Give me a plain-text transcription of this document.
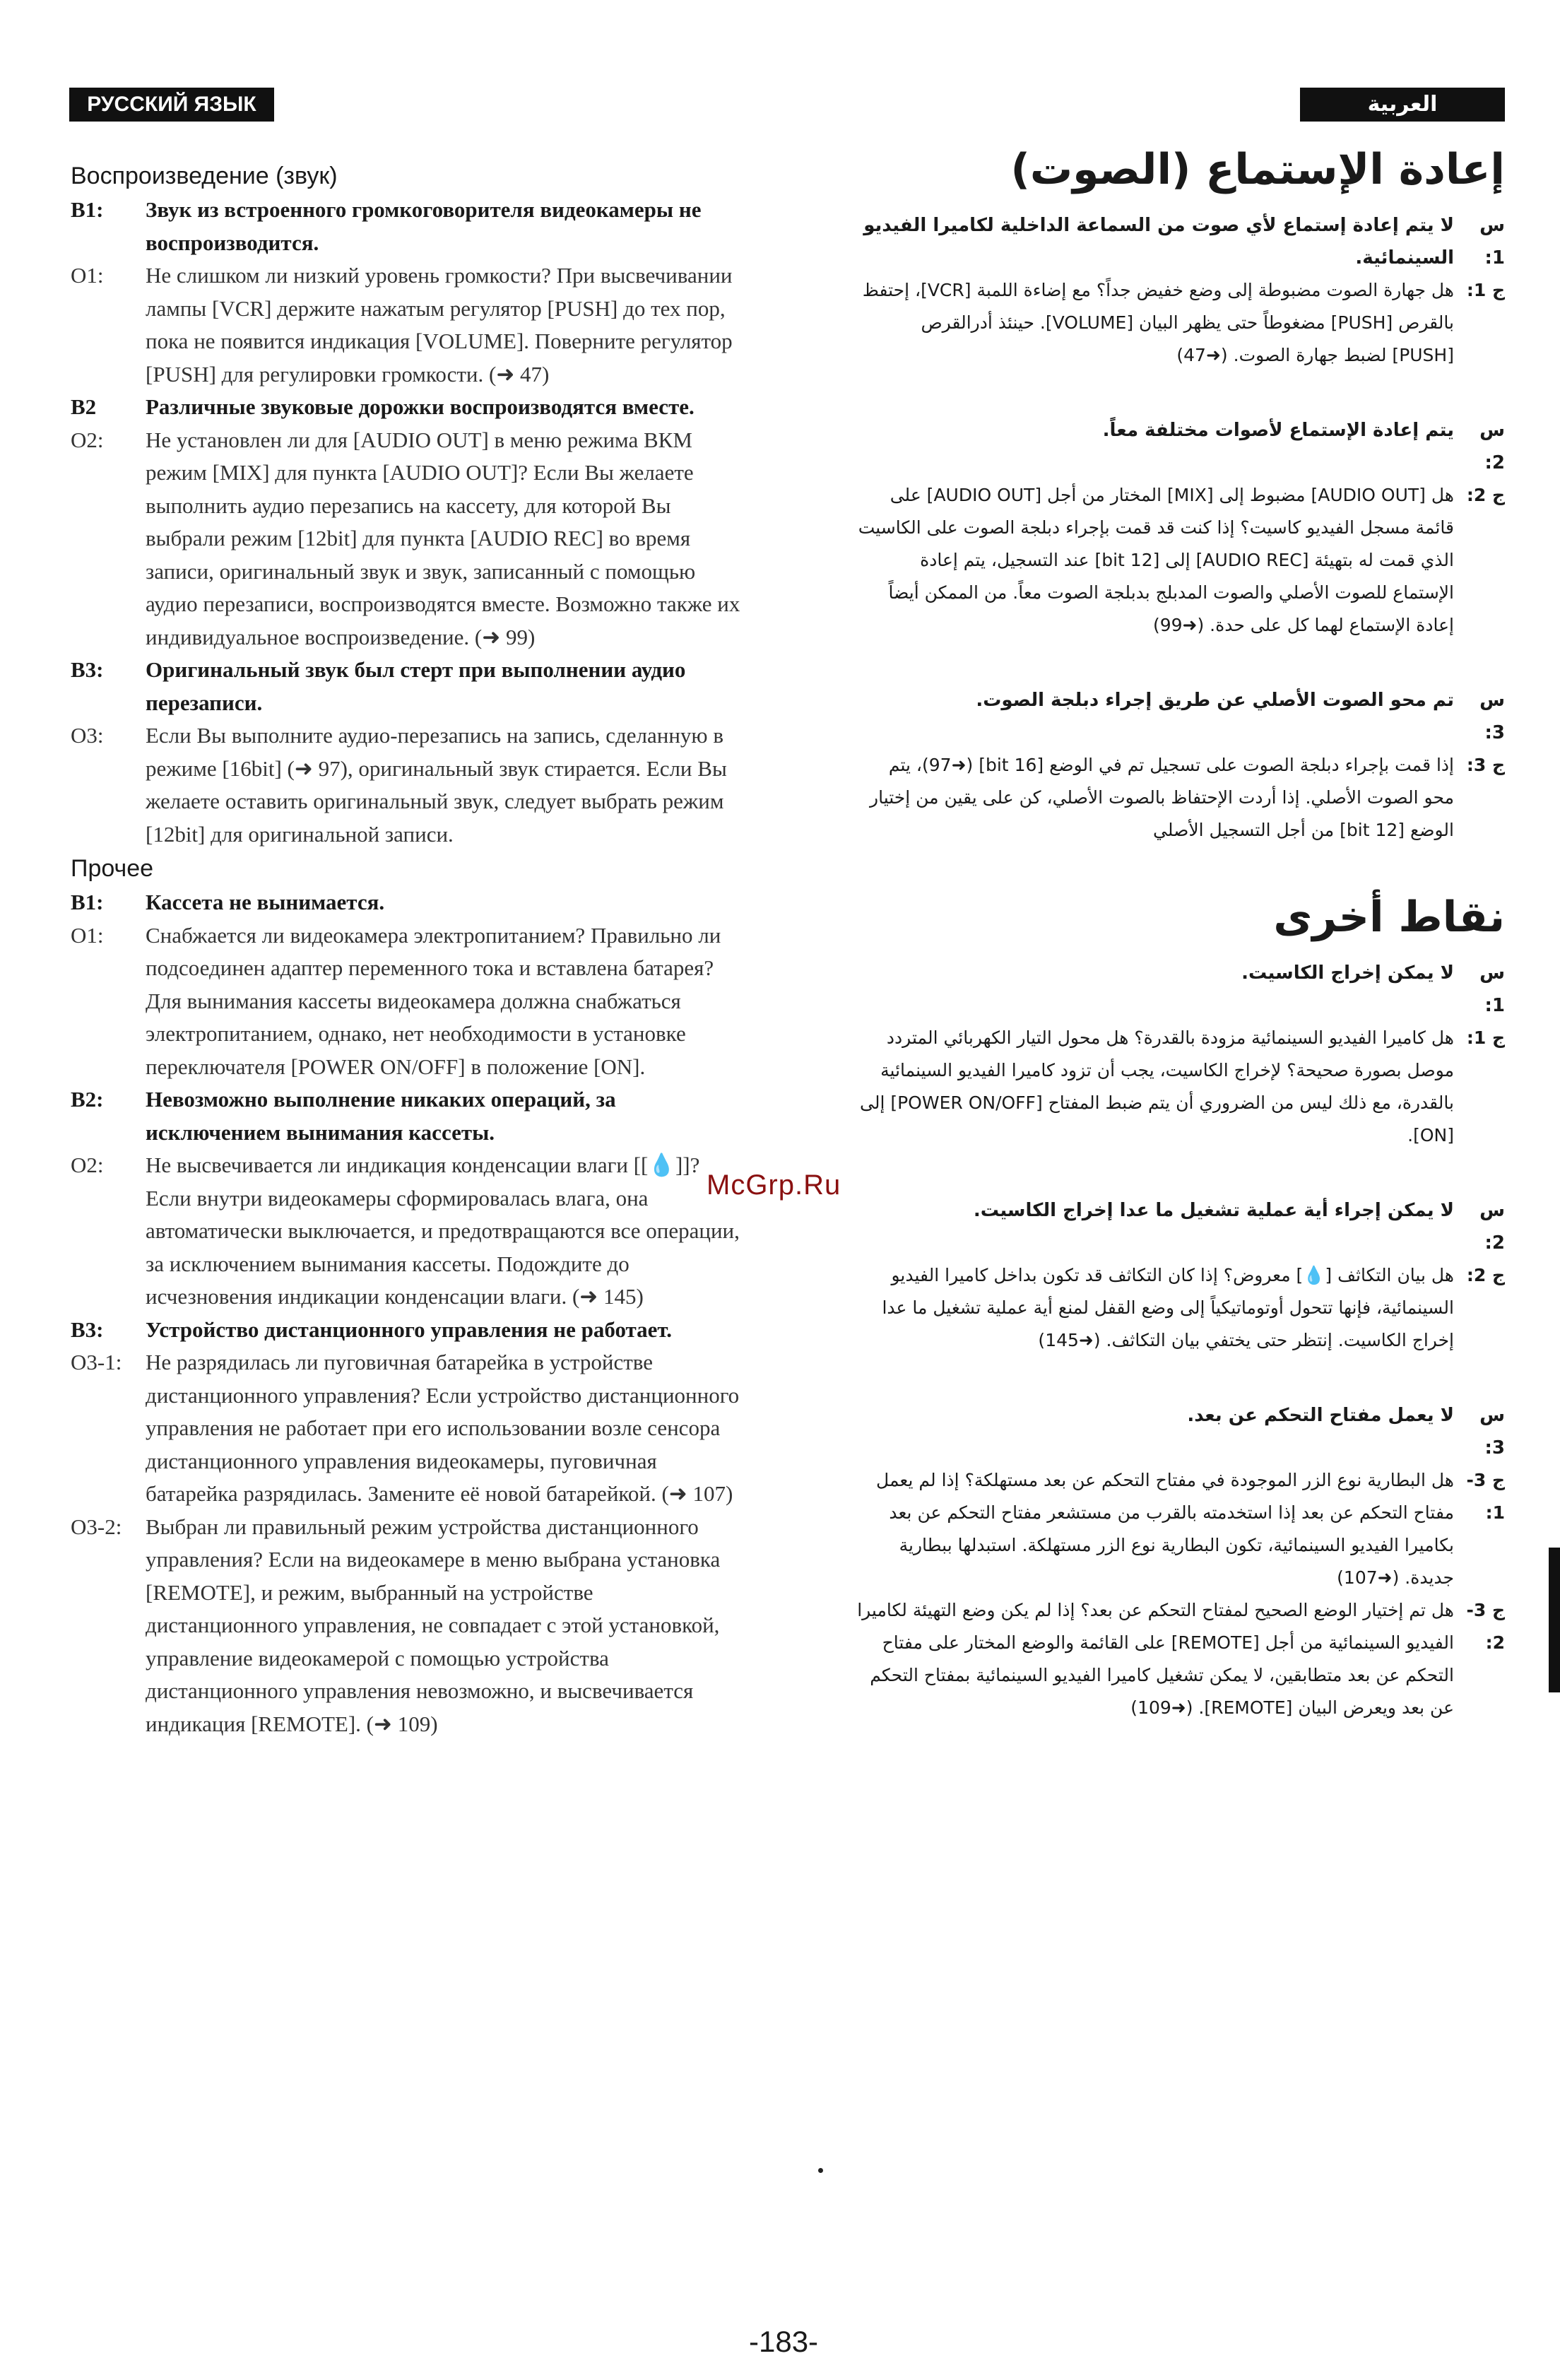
РУССКИЙ ЯЗЫК	العربية
Воспроизведение (звук)
В1:	Звук из встроенного громкоговорителя видеокамеры не воспроизводится.
О1:	Не слишком ли низкий уровень громкости? При высвечивании лампы [VCR] держите нажатым регулятор [PUSH] до тех пор, пока не появится индикация [VOLUME]. Поверните регулятор [PUSH] для регулировки громкости. (➜ 47)
В2	Различные звуковые дорожки воспроизводятся вместе.
О2:	Не установлен ли для [AUDIO OUT] в меню режима ВКМ режим [MIX] для пункта [AUDIO OUT]? Если Вы желаете выполнить аудио перезапись на кассету, для которой Вы выбрали режим [12bit] для пункта [AUDIO REC] во время записи, оригинальный звук и звук, записанный с помощью аудио перезаписи, воспроизводятся вместе. Возможно также их индивидуальное воспроизведение. (➜ 99)
В3:	Оригинальный звук был стерт при выполнении аудио перезаписи.
О3:	Если Вы выполните аудио-перезапись на запись, сделанную в режиме [16bit] (➜ 97), оригинальный звук стирается. Если Вы желаете оставить оригинальный звук, следует выбрать режим [12bit] для оригинальной записи.
Прочее
В1:	Кассета не вынимается.
О1:	Снабжается ли видеокамера электропитанием? Правильно ли подсоединен адаптер переменного тока и вставлена батарея? Для вынимания кассеты видеокамера должна снабжаться электропитанием, однако, нет необходимости в установке переключателя [POWER ON/OFF] в положение [ON].
В2:	Невозможно выполнение никаких операций, за исключением вынимания кассеты.
О2:	Не высвечивается ли индикация конденсации влаги [[💧]]? Если внутри видеокамеры сформировалась влага, она автоматически выключается, и предотвращаются все операции, за исключением вынимания кассеты. Подождите до исчезновения индикации конденсации влаги. (➜ 145)
В3:	Устройство дистанционного управления не работает.
О3-1:	Не разрядилась ли пуговичная батарейка в устройстве дистанционного управления? Если устройство дистанционного управления не работает при его использовании возле сенсора дистанционного управления видеокамеры, пуговичная батарейка разрядилась. Замените её новой батарейкой. (➜ 107)
О3-2:	Выбран ли правильный режим устройства дистанционного управления? Если на видеокамере в меню выбрана установка [REMOTE], и режим, выбранный на устройстве дистанционного управления, не совпадает с этой установкой, управление видеокамерой с помощью устройства дистанционного управления невозможно, и высвечивается индикация [REMOTE]. (➜ 109)
إعادة الإستماع (الصوت)
س 1:
لا يتم إعادة إستماع لأي صوت من السماعة الداخلية لكاميرا الفيديو السينمائية.
ج 1:
هل جهارة الصوت مضبوطة إلى وضع خفيض جداً؟ مع إضاءة اللمبة [VCR]، إحتفظ بالقرص [PUSH] مضغوطاً حتى يظهر البيان [VOLUME]. حينئذ أدرالقرص [PUSH] لضبط جهارة الصوت. (➜47)
س 2:
يتم إعادة الإستماع لأصوات مختلفة معاً.
ج 2:
هل [AUDIO OUT] مضبوط إلى [MIX] المختار من أجل [AUDIO OUT] على قائمة مسجل الفيديو كاسيت؟ إذا كنت قد قمت بإجراء دبلجة الصوت على الكاسيت الذي قمت له بتهيئة [AUDIO REC] إلى [12 bit] عند التسجيل، يتم إعادة الإستماع للصوت الأصلي والصوت المدبلج بدبلجة الصوت معاً. من الممكن أيضاً إعادة الإستماع لهما كل على حدة. (➜99)
س 3:
تم محو الصوت الأصلي عن طريق إجراء دبلجة الصوت.
ج 3:
إذا قمت بإجراء دبلجة الصوت على تسجيل تم في الوضع [16 bit] (➜97)، يتم محو الصوت الأصلي. إذا أردت الإحتفاظ بالصوت الأصلي، كن على يقين من إختيار الوضع [12 bit] من أجل التسجيل الأصلي
نقاط أخرى
س 1:
لا يمكن إخراج الكاسيت.
ج 1:
هل كاميرا الفيديو السينمائية مزودة بالقدرة؟ هل محول التيار الكهربائي المتردد موصل بصورة صحيحة؟ لإخراج الكاسيت، يجب أن تزود كاميرا الفيديو السينمائية بالقدرة، مع ذلك ليس من الضروري أن يتم ضبط المفتاح [POWER ON/OFF] إلى [ON].
س 2:
لا يمكن إجراء أية عملية تشغيل ما عدا إخراج الكاسيت.
ج 2:
هل بيان التكاثف [💧] معروض؟ إذا كان التكاثف قد تكون بداخل كاميرا الفيديو السينمائية، فإنها تتحول أوتوماتيكياً إلى وضع القفل لمنع أية عملية تشغيل ما عدا إخراج الكاسيت. إنتظر حتى يختفي بيان التكاثف. (➜145)
س 3:
لا يعمل مفتاح التحكم عن بعد.
ج 3-1:
هل البطارية نوع الزر الموجودة في مفتاح التحكم عن بعد مستهلكة؟ إذا لم يعمل مفتاح التحكم عن بعد إذا استخدمته بالقرب من مستشعر مفتاح التحكم عن بعد بكاميرا الفيديو السينمائية، تكون البطارية نوع الزر مستهلكة. استبدلها ببطارية جديدة. (➜107)
ج 3-2:
هل تم إختيار الوضع الصحيح لمفتاح التحكم عن بعد؟ إذا لم يكن وضع التهيئة لكاميرا الفيديو السينمائية من أجل [REMOTE] على القائمة والوضع المختار على مفتاح التحكم عن بعد متطابقين، لا يمكن تشغيل كاميرا الفيديو السينمائية بمفتاح التحكم عن بعد ويعرض البيان [REMOTE]. (➜109)
McGrp.Ru
-183-
